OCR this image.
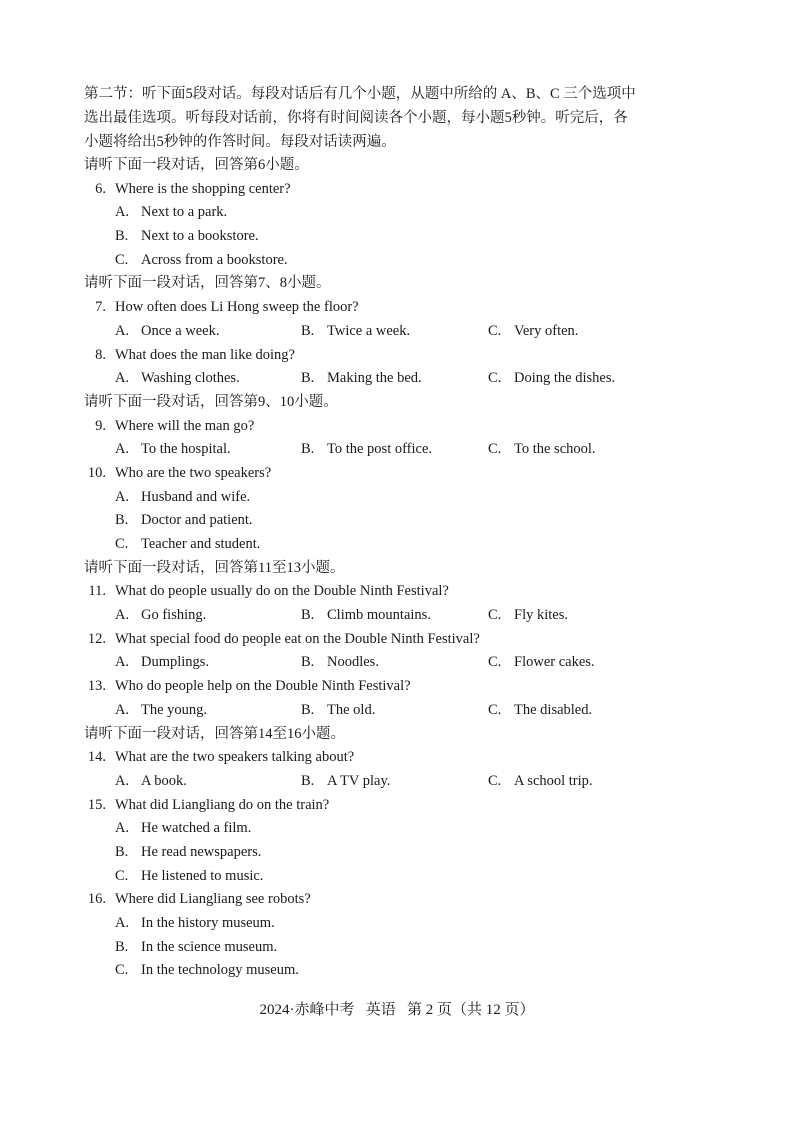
第二节：听下面5段对话。每段对话后有几个小题，从题中所给的 A、B、C 三个选项中

选出最佳选项。听每段对话前，你将有时间阅读各个小题，每小题5秒钟。听完后，各

小题将给出5秒钟的作答时间。每段对话读两遍。

请听下面一段对话，回答第6小题。
6. Where is the shopping center?
A. Next to a park.
B. Next to a bookstore.
C. Across from a bookstore.
请听下面一段对话，回答第7、8小题。
7. How often does Li Hong sweep the floor?
A. Once a week.	B. Twice a week.	C. Very often.
8. What does the man like doing?
A. Washing clothes.	B. Making the bed.	C. Doing the dishes.
请听下面一段对话，回答第9、10小题。
9. Where will the man go?
A. To the hospital.	B. To the post office.	C. To the school.
10. Who are the two speakers?
A. Husband and wife.
B. Doctor and patient.
C. Teacher and student.
请听下面一段对话，回答第11至13小题。
11. What do people usually do on the Double Ninth Festival?
A. Go fishing.	B. Climb mountains.	C. Fly kites.
12. What special food do people eat on the Double Ninth Festival?
A. Dumplings.	B. Noodles.	C. Flower cakes.
13. Who do people help on the Double Ninth Festival?
A. The young.	B. The old.	C. The disabled.
请听下面一段对话，回答第14至16小题。
14. What are the two speakers talking about?
A. A book.	B. A TV play.	C. A school trip.
15. What did Liangliang do on the train?
A. He watched a film.
B. He read newspapers.
C. He listened to music.
16. Where did Liangliang see robots?
A. In the history museum.
B. In the science museum.
C. In the technology museum.
2024·赤峰中考   英语   第 2 页（共 12 页）
